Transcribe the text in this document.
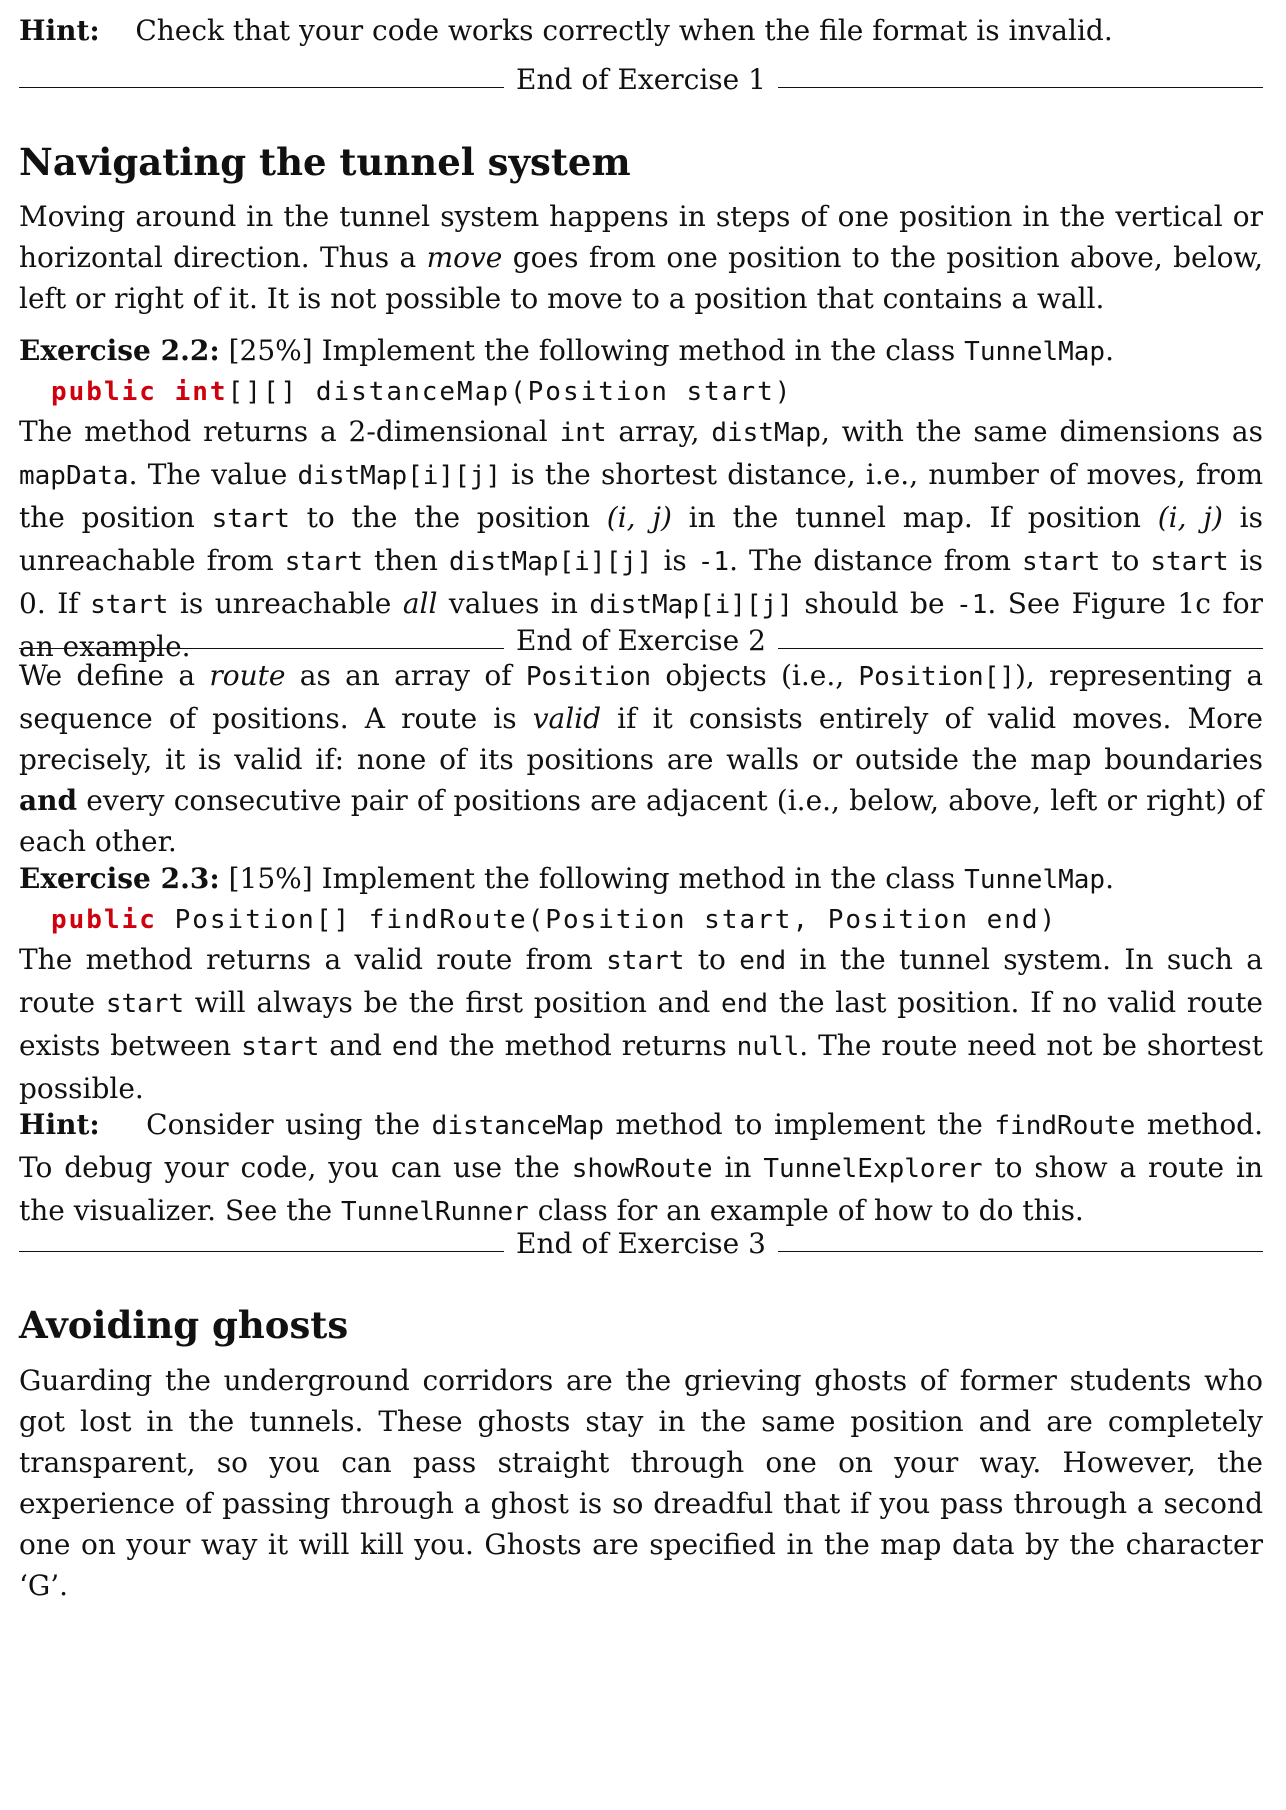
Hint: Check that your code works correctly when the file format is invalid.

End of Exercise 1
Navigating the tunnel system

Moving around in the tunnel system happens in steps of one position in the vertical or horizontal direction. Thus a move goes from one position to the position above, below, left or right of it. It is not possible to move to a position that contains a wall.

Exercise 2.2: [25%] Implement the following method in the class TunnelMap.

public int[][] distanceMap(Position start)

The method returns a 2-dimensional int array, distMap, with the same dimensions as mapData. The value distMap[i][j] is the shortest distance, i.e., number of moves, from the position start to the the position (i, j) in the tunnel map. If position (i, j) is unreachable from start then distMap[i][j] is -1. The distance from start to start is 0. If start is unreachable all values in distMap[i][j] should be -1. See Figure 1c for an example.	End of Exercise 2

We define a route as an array of Position objects (i.e., Position[]), representing a sequence of positions. A route is valid if it consists entirely of valid moves. More precisely, it is valid if: none of its positions are walls or outside the map boundaries and every consecutive pair of positions are adjacent (i.e., below, above, left or right) of each other.

Exercise 2.3: [15%] Implement the following method in the class TunnelMap.

public Position[] findRoute(Position start, Position end)

The method returns a valid route from start to end in the tunnel system. In such a route start will always be the first position and end the last position. If no valid route exists between start and end the method returns null. The route need not be shortest possible.

Hint: Consider using the distanceMap method to implement the findRoute method. To debug your code, you can use the showRoute in TunnelExplorer to show a route in the visualizer. See the TunnelRunner class for an example of how to do this.

End of Exercise 3
Avoiding ghosts

Guarding the underground corridors are the grieving ghosts of former students who got lost in the tunnels. These ghosts stay in the same position and are completely transparent, so you can pass straight through one on your way. However, the experience of passing through a ghost is so dreadful that if you pass through a second one on your way it will kill you. Ghosts are specified in the map data by the character ‘G’.
